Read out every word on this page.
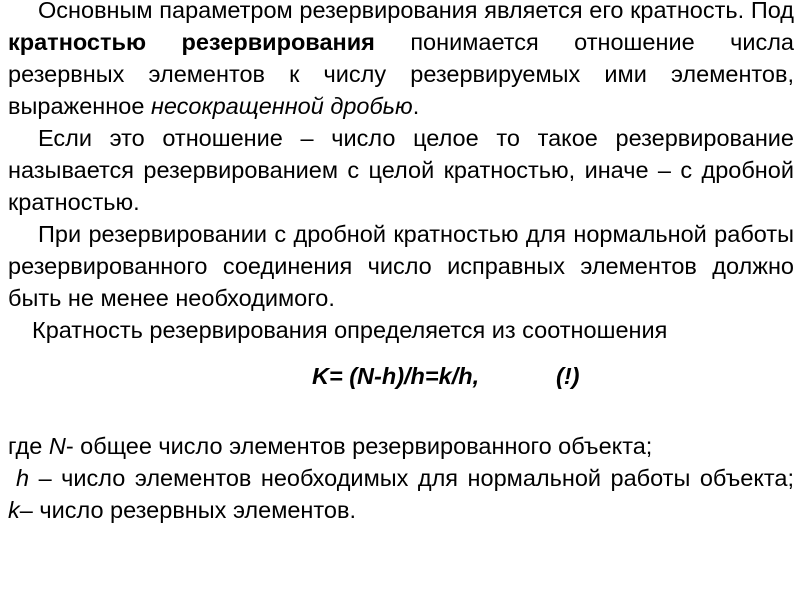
Основным параметром резервирования является его кратность. Под кратностью резервирования понимается отношение числа резервных элементов к числу резервируемых ими элементов, выраженное несокращенной дробью.

Если это отношение – число целое то такое резервирование называется резервированием с целой кратностью, иначе – с дробной кратностью.

При резервировании с дробной кратностью для нормальной работы резервированного соединения число исправных элементов должно быть не менее необходимого.

Кратность резервирования определяется из соотношения

K= (N-h)/h=k/h,	(!)

где N- общее число элементов резервированного объекта;

h – число элементов необходимых для нормальной работы объекта; k– число резервных элементов.
